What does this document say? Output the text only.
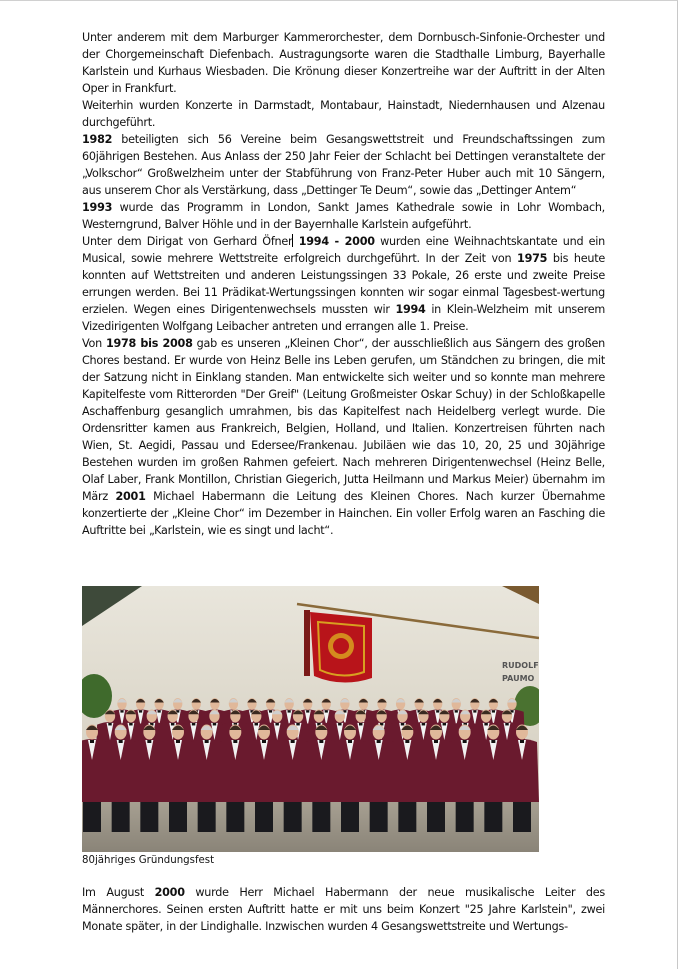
Unter anderem mit dem Marburger Kammerorchester, dem Dornbusch-Sinfonie-Orchester und der Chorgemeinschaft Diefenbach. Austragungsorte waren die Stadthalle Limburg, Bayerhalle Karlstein und Kurhaus Wiesbaden. Die Krönung dieser Konzertreihe war der Auftritt in der Alten Oper in Frankfurt.

Weiterhin wurden Konzerte in Darmstadt, Montabaur, Hainstadt, Niedernhausen und Alzenau durchgeführt.

1982 beteiligten sich 56 Vereine beim Gesangswettstreit und Freundschaftssingen zum 60jährigen Bestehen. Aus Anlass der 250 Jahr Feier der Schlacht bei Dettingen veranstaltete der „Volkschor“ Großwelzheim unter der Stabführung von Franz-Peter Huber auch mit 10 Sängern, aus unserem Chor als Verstärkung, dass „Dettinger Te Deum“, sowie das „Dettinger Antem“

1993 wurde das Programm in London, Sankt James Kathedrale sowie in Lohr Wombach, Westerngrund, Balver Höhle und in der Bayernhalle Karlstein aufgeführt.

Unter dem Dirigat von Gerhard Öfner 1994 - 2000 wurden eine Weihnachtskantate und ein Musical, sowie mehrere Wettstreite erfolgreich durchgeführt. In der Zeit von 1975 bis heute konnten auf Wettstreiten und anderen Leistungssingen 33 Pokale, 26 erste und zweite Preise errungen werden. Bei 11 Prädikat-Wertungssingen konnten wir sogar einmal Tagesbest-wertung erzielen. Wegen eines Dirigentenwechsels mussten wir 1994 in Klein-Welzheim mit unserem Vizedirigenten Wolfgang Leibacher antreten und errangen alle 1. Preise.

Von 1978 bis 2008 gab es unseren „Kleinen Chor“, der ausschließlich aus Sängern des großen Chores bestand. Er wurde von Heinz Belle ins Leben gerufen, um Ständchen zu bringen, die mit der Satzung nicht in Einklang standen. Man entwickelte sich weiter und so konnte man mehrere Kapitelfeste vom Ritterorden "Der Greif" (Leitung Großmeister Oskar Schuy) in der Schloßkapelle Aschaffenburg gesanglich umrahmen, bis das Kapitelfest nach Heidelberg verlegt wurde. Die Ordensritter kamen aus Frankreich, Belgien, Holland, und Italien. Konzertreisen führten nach Wien, St. Aegidi, Passau und Edersee/Frankenau. Jubiläen wie das 10, 20, 25 und 30jährige Bestehen wurden im großen Rahmen gefeiert. Nach mehreren Dirigentenwechsel (Heinz Belle, Olaf Laber, Frank Montillon, Christian Giegerich, Jutta Heilmann und Markus Meier) übernahm im März 2001 Michael Habermann die Leitung des Kleinen Chores. Nach kurzer Übernahme konzertierte der „Kleine Chor“ im Dezember in Hainchen. Ein voller Erfolg waren an Fasching die Auftritte bei „Karlstein, wie es singt und lacht“.

RUDOLF
PAUMO
80jähriges Gründungsfest

Im August 2000 wurde Herr Michael Habermann der neue musikalische Leiter des Männerchores. Seinen ersten Auftritt hatte er mit uns beim Konzert "25 Jahre Karlstein", zwei Monate später, in der Lindighalle. Inzwischen wurden 4 Gesangswettstreite und Wertungs-
